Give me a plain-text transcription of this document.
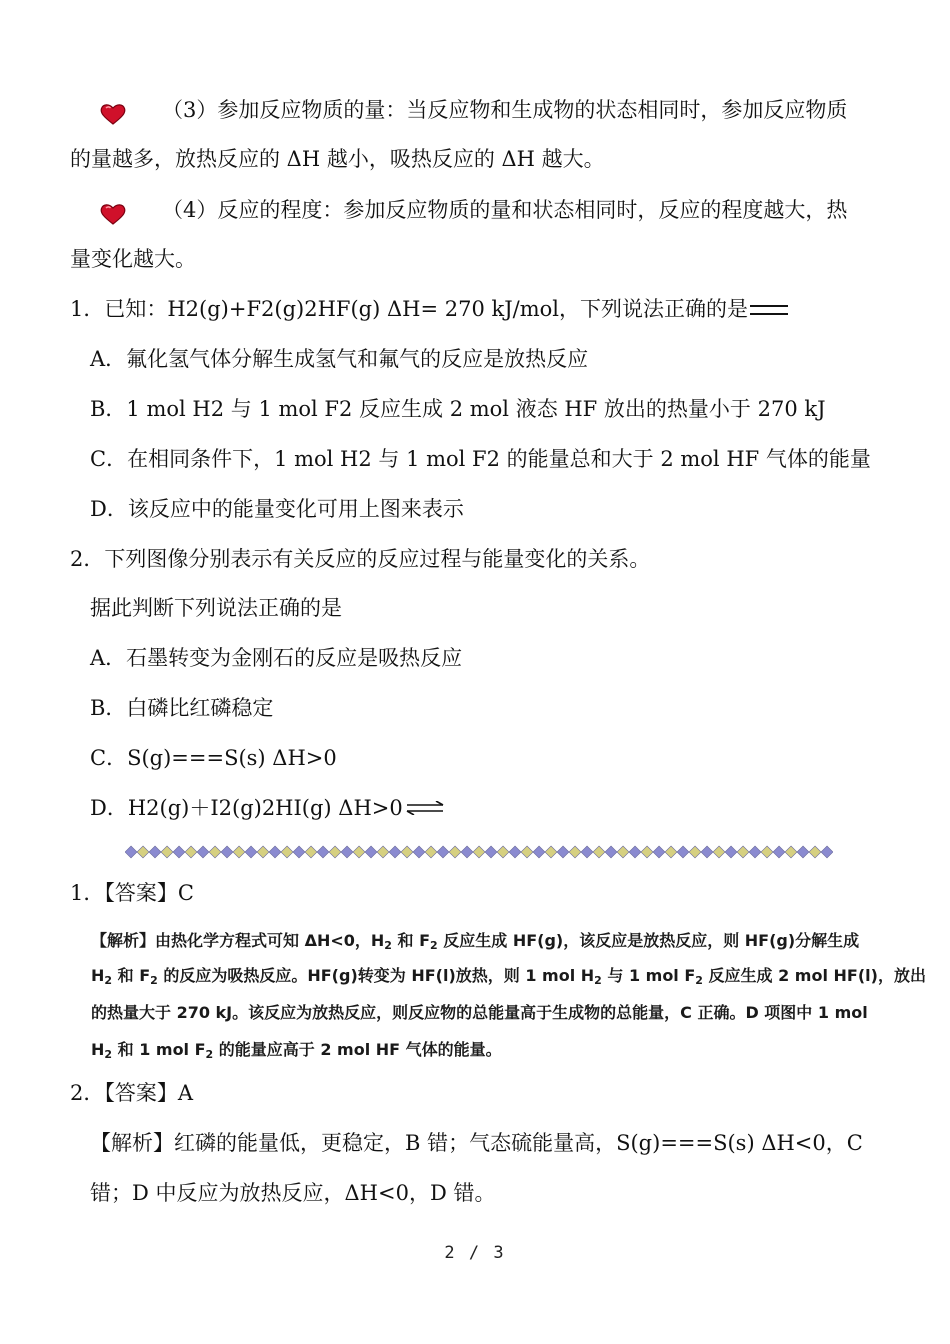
（3）参加反应物质的量：当反应物和生成物的状态相同时，参加反应物质
的量越多，放热反应的 ΔH 越小，吸热反应的 ΔH 越大。
（4）反应的程度：参加反应物质的量和状态相同时，反应的程度越大，热
量变化越大。
1．已知：H2(g)+F2(g)2HF(g) ΔH= 270 kJ/mol，下列说法正确的是
A．氟化氢气体分解生成氢气和氟气的反应是放热反应
B．1 mol H2 与 1 mol F2 反应生成 2 mol 液态 HF 放出的热量小于 270 kJ
C．在相同条件下，1 mol H2 与 1 mol F2 的能量总和大于 2 mol HF 气体的能量
D．该反应中的能量变化可用上图来表示
2．下列图像分别表示有关反应的反应过程与能量变化的关系。
据此判断下列说法正确的是
A．石墨转变为金刚石的反应是吸热反应
B．白磷比红磷稳定
C．S(g)===S(s) ΔH>0
D．H2(g)＋I2(g)2HI(g) ΔH>0 ⇌
1．【答案】C
【解析】由热化学方程式可知 ΔH<0，$H_2$ 和 $F_2$ 反应生成 HF(g)，该反应是放热反应，则 HF(g)分解生成
$H_2$ 和 $F_2$ 的反应为吸热反应。HF(g)转变为 HF(l)放热，则 1 mol $H_2$ 与 1 mol $F_2$ 反应生成 2 mol HF(l)，放出
的热量大于 270 kJ。该反应为放热反应，则反应物的总能量高于生成物的总能量，C 正确。D 项图中 1 mol
$H_2$ 和 1 mol $F_2$ 的能量应高于 2 mol HF 气体的能量。
2．【答案】A
【解析】红磷的能量低，更稳定，B 错；气态硫能量高，S(g)===S(s) ΔH<0，C
错；D 中反应为放热反应，ΔH<0，D 错。
2 / 3
